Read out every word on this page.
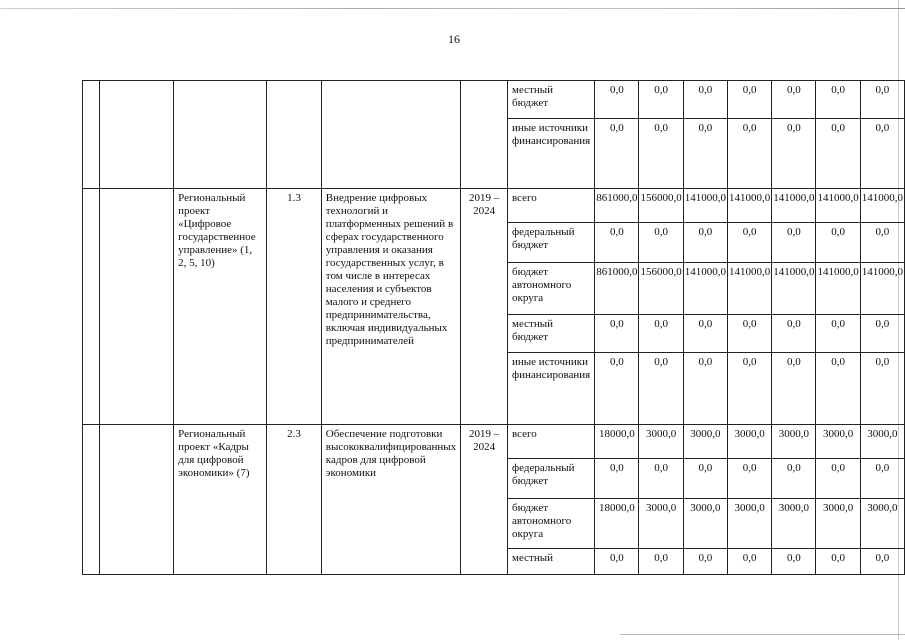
16
						местный бюджет	0,0	0,0	0,0	0,0	0,0	0,0	0,0
						иные источники финансирования	0,0	0,0	0,0	0,0	0,0	0,0	0,0
		Региональный проект «Цифровое государственное управление» (1, 2, 5, 10)	1.3	Внедрение цифровых технологий и платформенных решений в сферах государственного управления и оказания государственных услуг, в том числе в интересах населения и субъектов малого и среднего предпринимательства, включая индивидуальных предпринимателей	2019 – 2024	всего	861000,0	156000,0	141000,0	141000,0	141000,0	141000,0	141000,0
						федеральный бюджет	0,0	0,0	0,0	0,0	0,0	0,0	0,0
						бюджет автономного округа	861000,0	156000,0	141000,0	141000,0	141000,0	141000,0	141000,0
						местный бюджет	0,0	0,0	0,0	0,0	0,0	0,0	0,0
						иные источники финансирования	0,0	0,0	0,0	0,0	0,0	0,0	0,0
		Региональный проект «Кадры для цифровой экономики» (7)	2.3	Обеспечение подготовки высококвалифицированных кадров для цифровой экономики	2019 – 2024	всего	18000,0	3000,0	3000,0	3000,0	3000,0	3000,0	3000,0
						федеральный бюджет	0,0	0,0	0,0	0,0	0,0	0,0	0,0
						бюджет автономного округа	18000,0	3000,0	3000,0	3000,0	3000,0	3000,0	3000,0
						местный	0,0	0,0	0,0	0,0	0,0	0,0	0,0
